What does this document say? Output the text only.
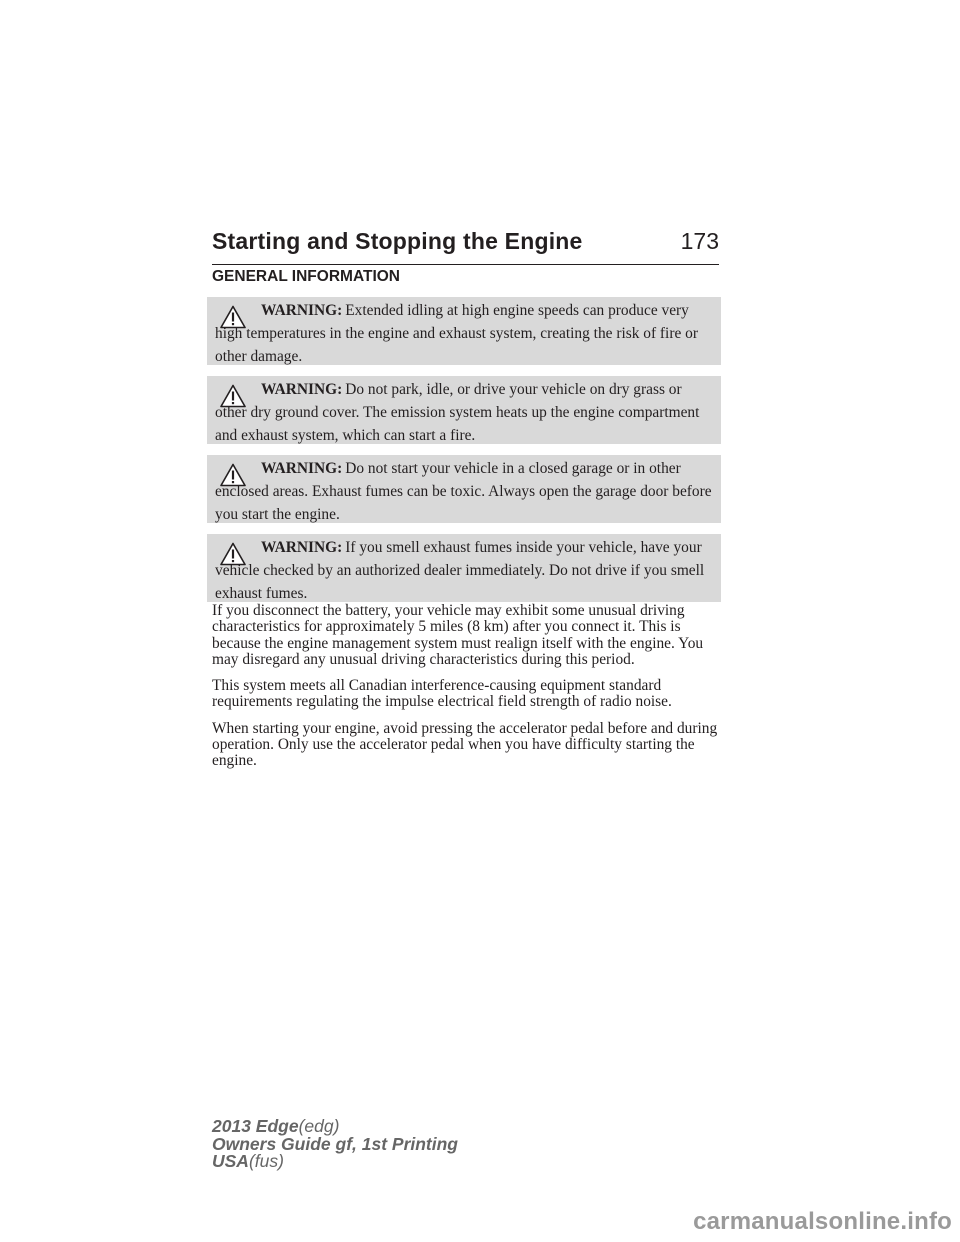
Starting and Stopping the Engine	173
GENERAL INFORMATION

WARNING: Extended idling at high engine speeds can produce very high temperatures in the engine and exhaust system, creating the risk of fire or other damage.

WARNING: Do not park, idle, or drive your vehicle on dry grass or other dry ground cover. The emission system heats up the engine compartment and exhaust system, which can start a fire.

WARNING: Do not start your vehicle in a closed garage or in other enclosed areas. Exhaust fumes can be toxic. Always open the garage door before you start the engine.

WARNING: If you smell exhaust fumes inside your vehicle, have your vehicle checked by an authorized dealer immediately. Do not drive if you smell exhaust fumes.

If you disconnect the battery, your vehicle may exhibit some unusual driving characteristics for approximately 5 miles (8 km) after you connect it. This is because the engine management system must realign itself with the engine. You may disregard any unusual driving characteristics during this period.

This system meets all Canadian interference-causing equipment standard requirements regulating the impulse electrical field strength of radio noise.

When starting your engine, avoid pressing the accelerator pedal before and during operation. Only use the accelerator pedal when you have difficulty starting the engine.

2013 Edge(edg)
Owners Guide gf, 1st Printing
USA(fus)
carmanualsonline.info
